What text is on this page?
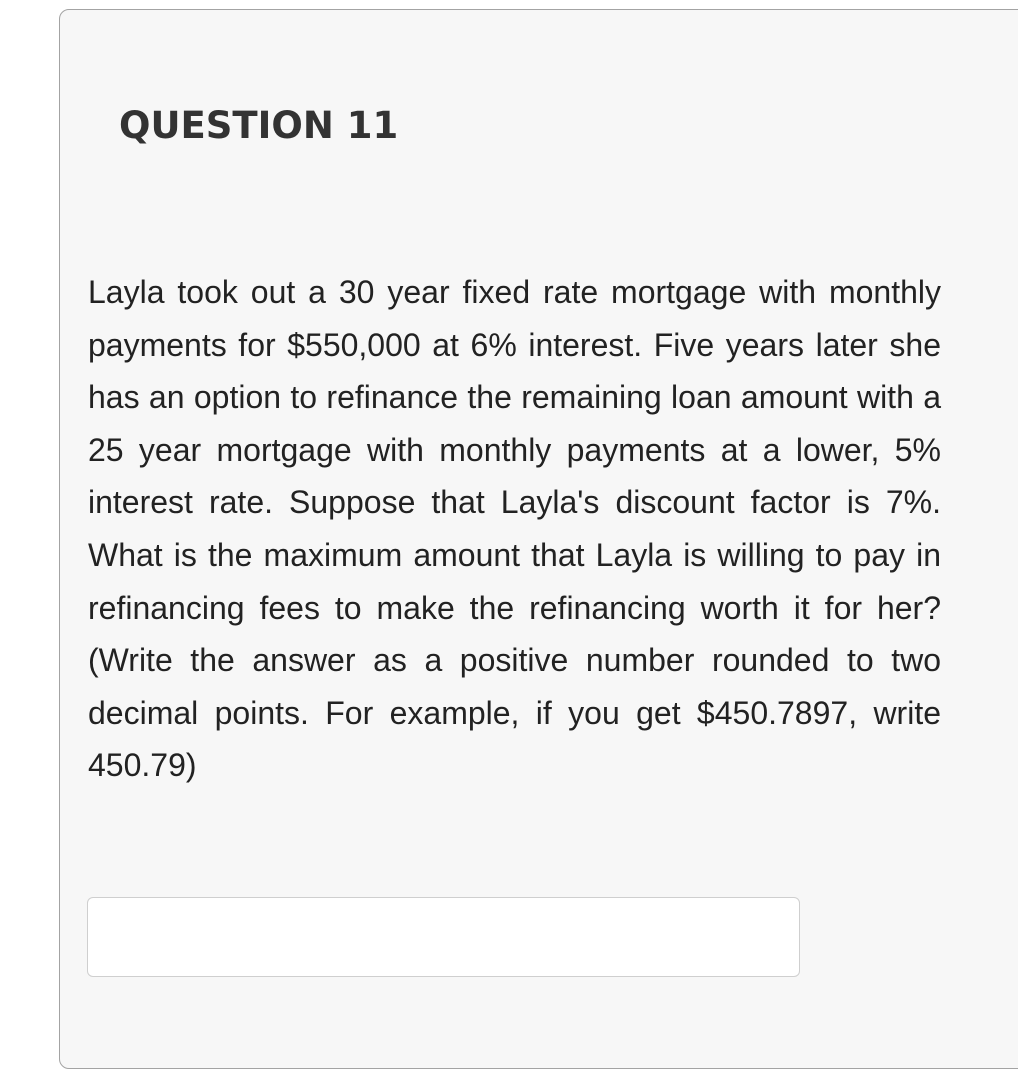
QUESTION 11

Layla took out a 30 year fixed rate mortgage with monthly payments for $550,000 at 6% interest. Five years later she has an option to refinance the remaining loan amount with a 25 year mortgage with monthly payments at a lower, 5% interest rate. Suppose that Layla's discount factor is 7%. What is the maximum amount that Layla is willing to pay in refinancing fees to make the refinancing worth it for her? (Write the answer as a positive number rounded to two decimal points. For example, if you get $450.7897, write 450.79)
